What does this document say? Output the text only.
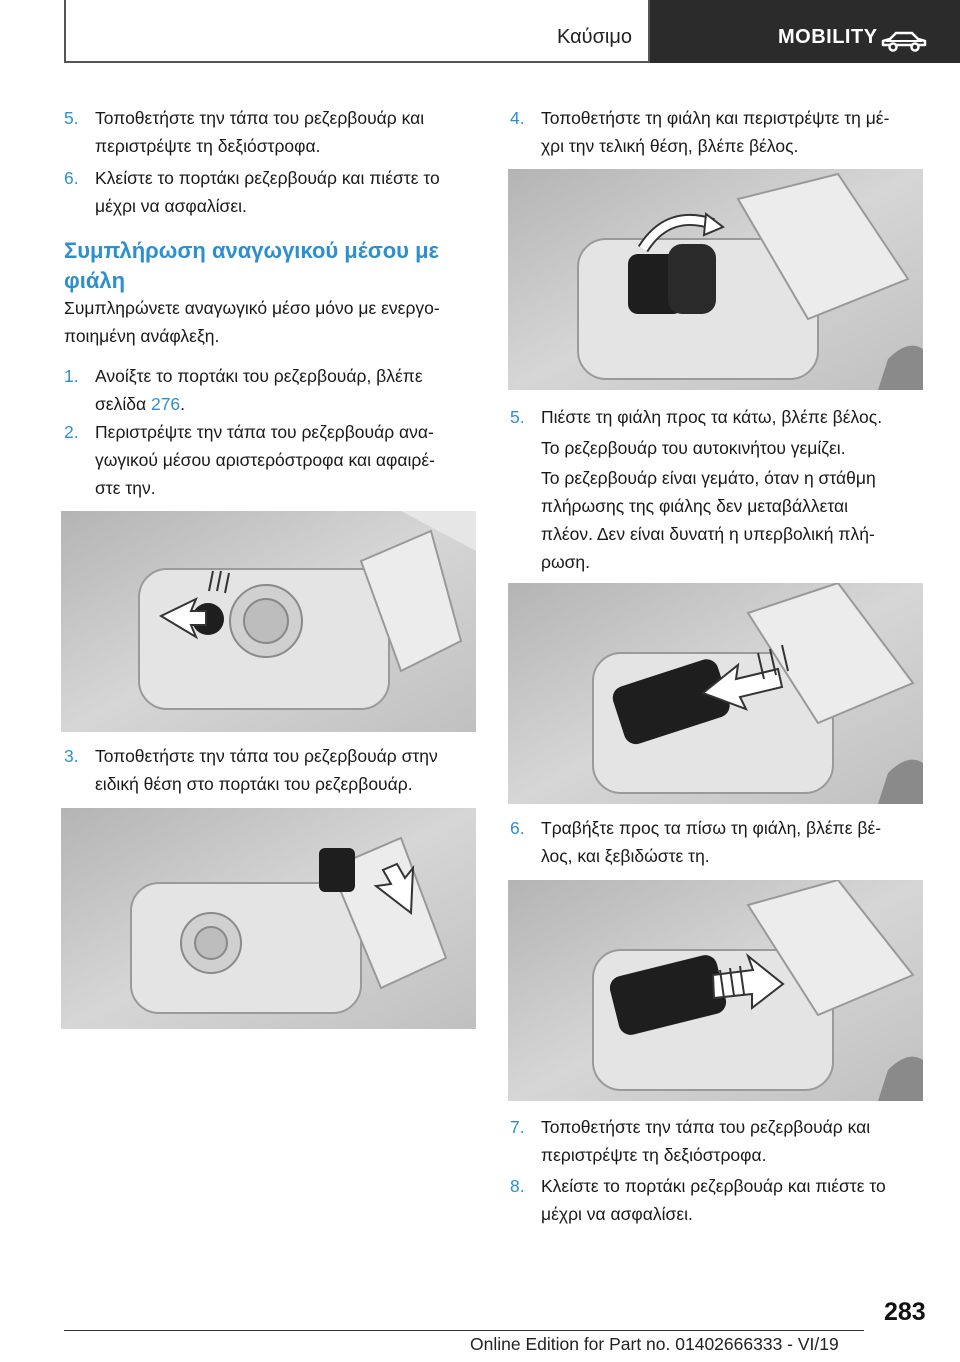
Καύσιμο	MOBILITY
5. Τοποθετήστε την τάπα του ρεζερβουάρ και
περιστρέψτε τη δεξιόστροφα.
6. Κλείστε το πορτάκι ρεζερβουάρ και πιέστε το
μέχρι να ασφαλίσει.
Συμπλήρωση αναγωγικού μέσου με
φιάλη
Συμπληρώνετε αναγωγικό μέσο μόνο με ενεργο-
ποιημένη ανάφλεξη.
1. Ανοίξτε το πορτάκι του ρεζερβουάρ, βλέπε
σελίδα 276.
2. Περιστρέψτε την τάπα του ρεζερβουάρ ανα-
γωγικού μέσου αριστερόστροφα και αφαιρέ-
στε την.
3. Τοποθετήστε την τάπα του ρεζερβουάρ στην
ειδική θέση στο πορτάκι του ρεζερβουάρ.
4. Τοποθετήστε τη φιάλη και περιστρέψτε τη μέ-
χρι την τελική θέση, βλέπε βέλος.
5. Πιέστε τη φιάλη προς τα κάτω, βλέπε βέλος.
Το ρεζερβουάρ του αυτοκινήτου γεμίζει.
Το ρεζερβουάρ είναι γεμάτο, όταν η στάθμη
πλήρωσης της φιάλης δεν μεταβάλλεται
πλέον. Δεν είναι δυνατή η υπερβολική πλή-
ρωση.
6. Τραβήξτε προς τα πίσω τη φιάλη, βλέπε βέ-
λος, και ξεβιδώστε τη.
7. Τοποθετήστε την τάπα του ρεζερβουάρ και
περιστρέψτε τη δεξιόστροφα.
8. Κλείστε το πορτάκι ρεζερβουάρ και πιέστε το
μέχρι να ασφαλίσει.
283
Online Edition for Part no. 01402666333 - VI/19
